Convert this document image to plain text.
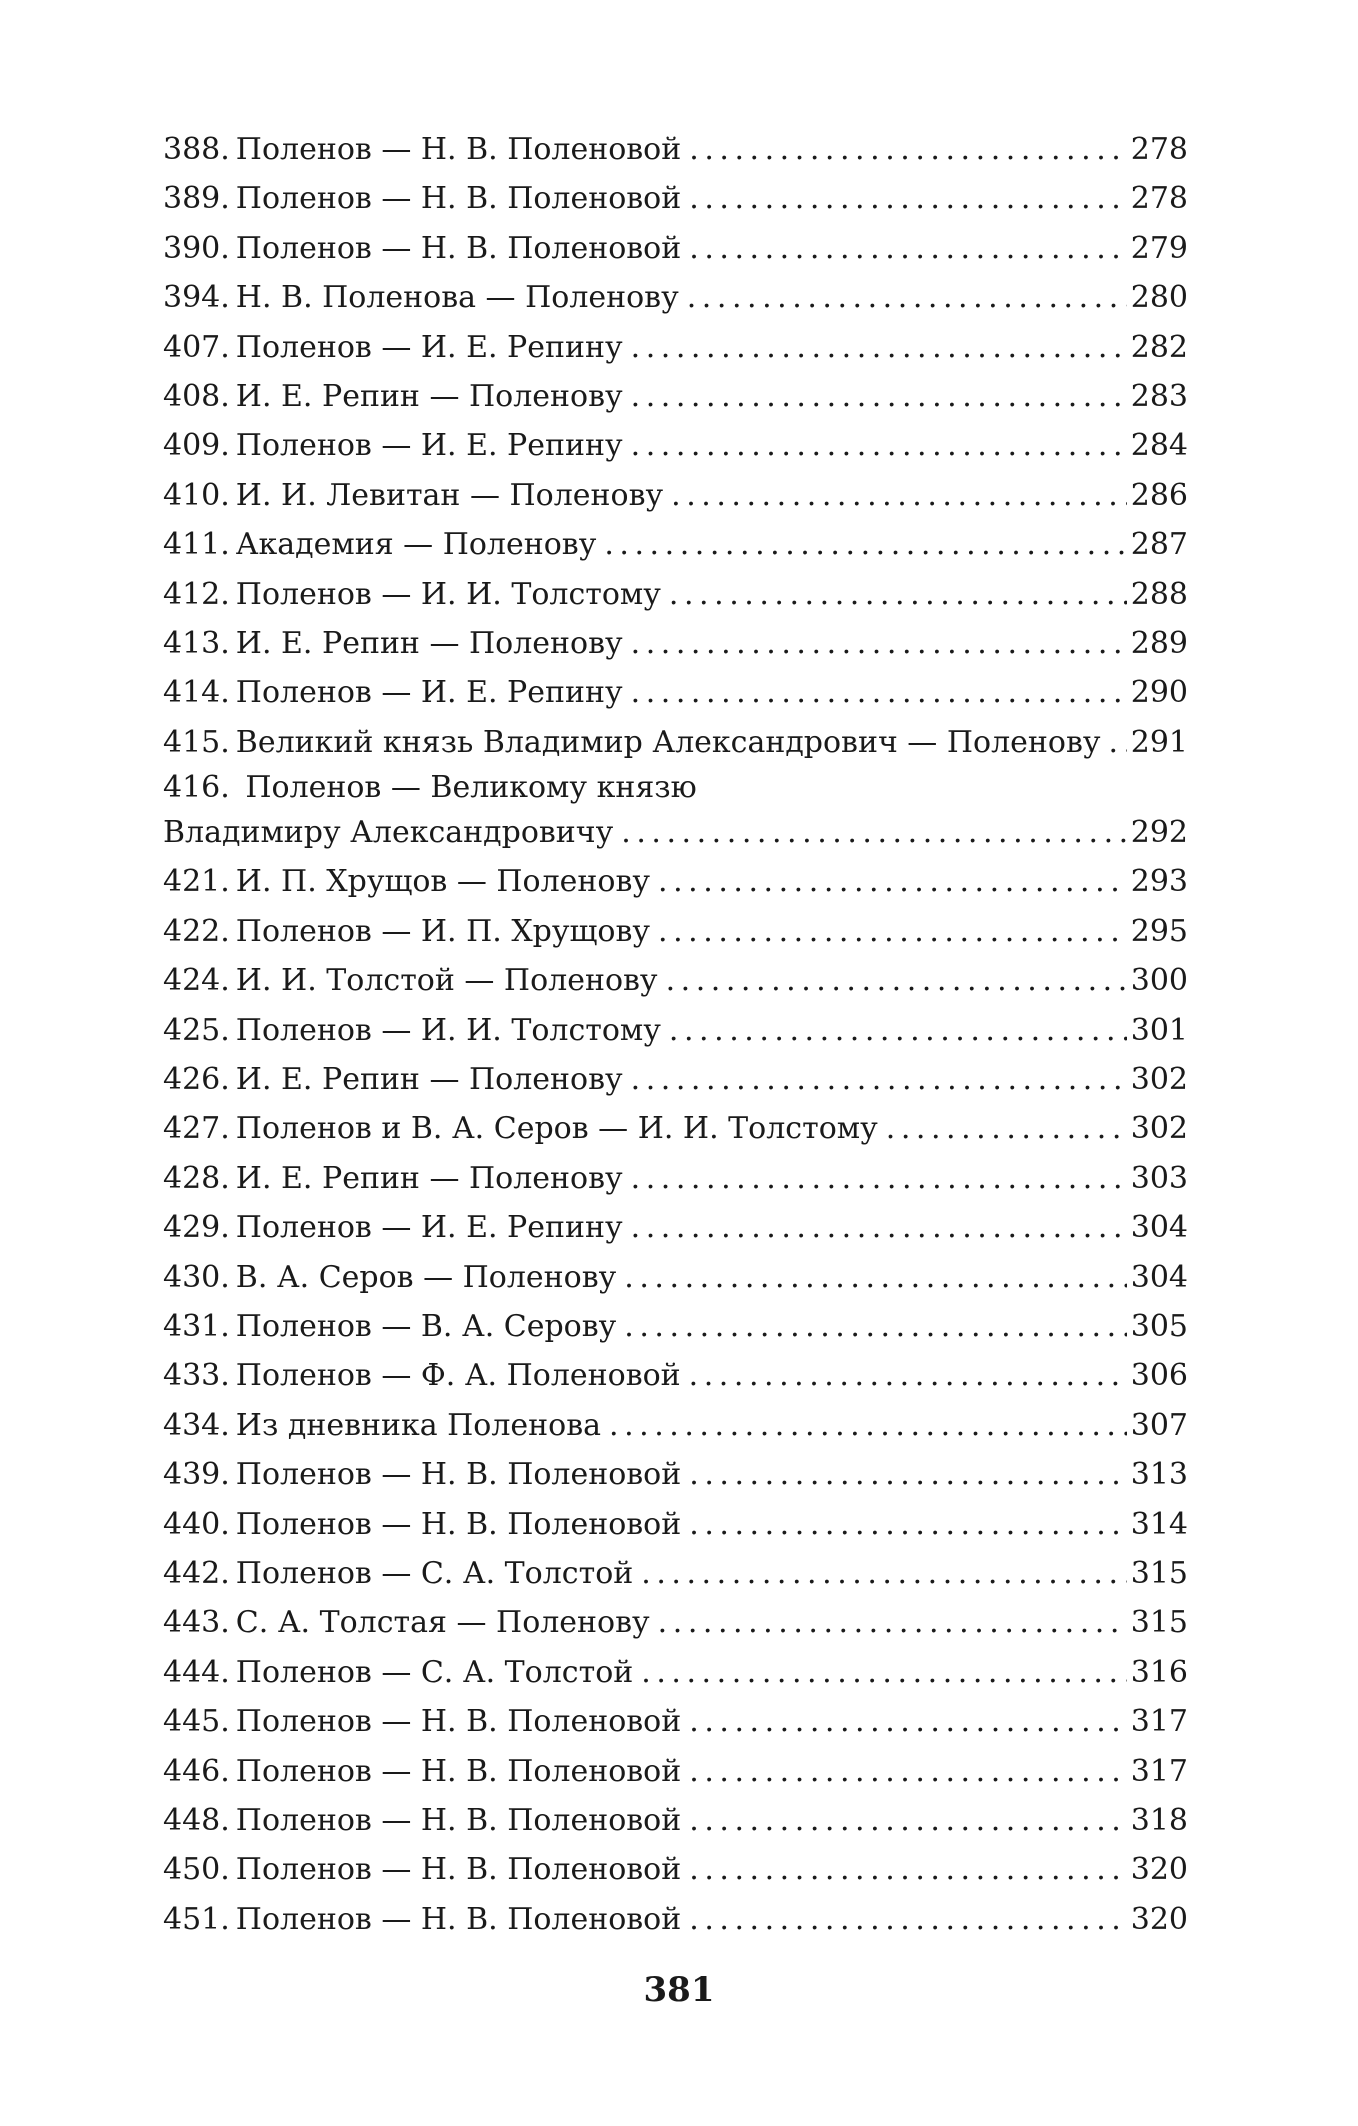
388. Поленов — Н. В. Поленовой . . .	278
389. Поленов — Н. В. Поленовой . . .	278
390. Поленов — Н. В. Поленовой . . .	279
394. Н. В. Поленова — Поленову . . .	280
407. Поленов — И. Е. Репину . . .	282
408. И. Е. Репин — Поленову . . .	283
409. Поленов — И. Е. Репину . . .	284
410. И. И. Левитан — Поленову . . .	286
411. Академия — Поленову . . .	287
412. Поленов — И. И. Толстому . . .	288
413. И. Е. Репин — Поленову . . .	289
414. Поленов — И. Е. Репину . . .	290
415. Великий князь Владимир Александрович — Поленову . . . 291
416. Поленов — Великому князю
Владимиру Александровичу . . .	292
421. И. П. Хрущов — Поленову . . .	293
422. Поленов — И. П. Хрущову . . .	295
424. И. И. Толстой — Поленову . . .	300
425. Поленов — И. И. Толстому . . .	301
426. И. Е. Репин — Поленову . . .	302
427. Поленов и В. А. Серов — И. И. Толстому . . .	302
428. И. Е. Репин — Поленову . . .	303
429. Поленов — И. Е. Репину . . .	304
430. В. А. Серов — Поленову . . .	304
431. Поленов — В. А. Серову . . .	305
433. Поленов — Ф. А. Поленовой . . .	306
434. Из дневника Поленова . . .	307
439. Поленов — Н. В. Поленовой . . .	313
440. Поленов — Н. В. Поленовой . . .	314
442. Поленов — С. А. Толстой . . .	315
443. С. А. Толстая — Поленову . . .	315
444. Поленов — С. А. Толстой . . .	316
445. Поленов — Н. В. Поленовой . . .	317
446. Поленов — Н. В. Поленовой . . .	317
448. Поленов — Н. В. Поленовой . . .	318
450. Поленов — Н. В. Поленовой . . .	320
451. Поленов — Н. В. Поленовой . . .	320
381
